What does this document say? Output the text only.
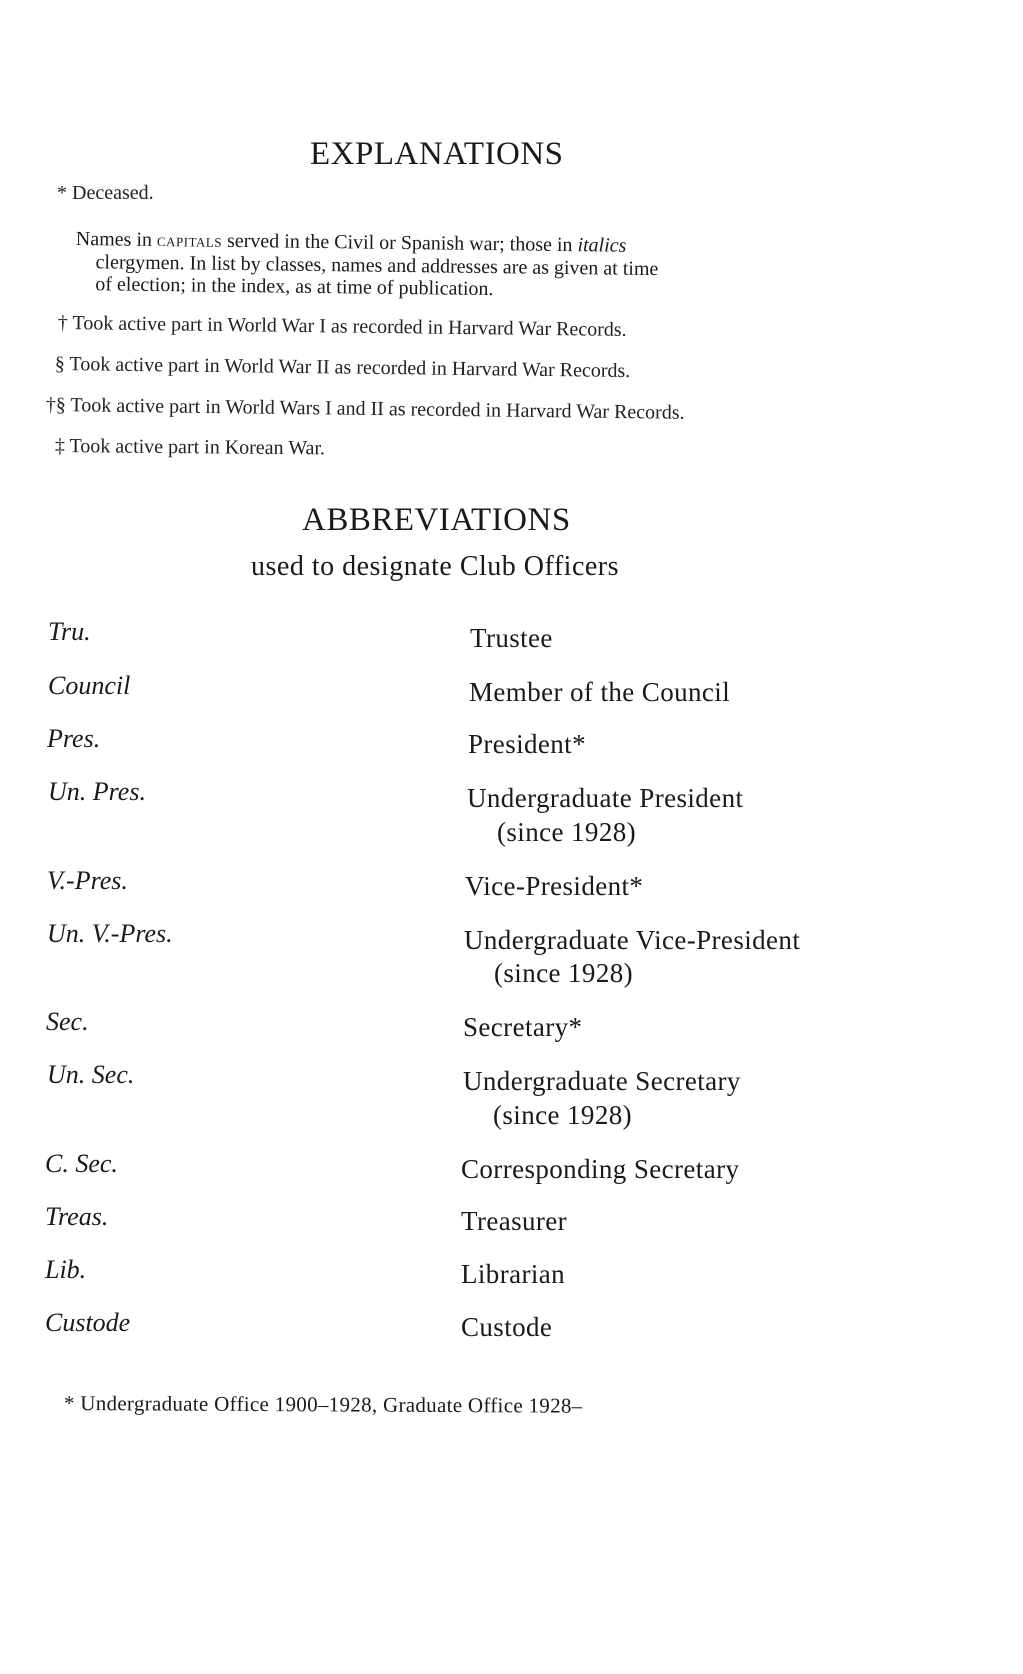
EXPLANATIONS
* Deceased.
Names in capitals served in the Civil or Spanish war; those in italics
clergymen. In list by classes, names and addresses are as given at time
of election; in the index, as at time of publication.
† Took active part in World War I as recorded in Harvard War Records.
§ Took active part in World War II as recorded in Harvard War Records.
†§ Took active part in World Wars I and II as recorded in Harvard War Records.
‡ Took active part in Korean War.
ABBREVIATIONS
used to designate Club Officers
Tru.	Trustee
Council	Member of the Council
Pres.	President*
Un. Pres.	Undergraduate President
(since 1928)
V.-Pres.	Vice-President*
Un. V.-Pres.	Undergraduate Vice-President
(since 1928)
Sec.	Secretary*
Un. Sec.	Undergraduate Secretary
(since 1928)
C. Sec.	Corresponding Secretary
Treas.	Treasurer
Lib.	Librarian
Custode	Custode
* Undergraduate Office 1900–1928, Graduate Office 1928–
